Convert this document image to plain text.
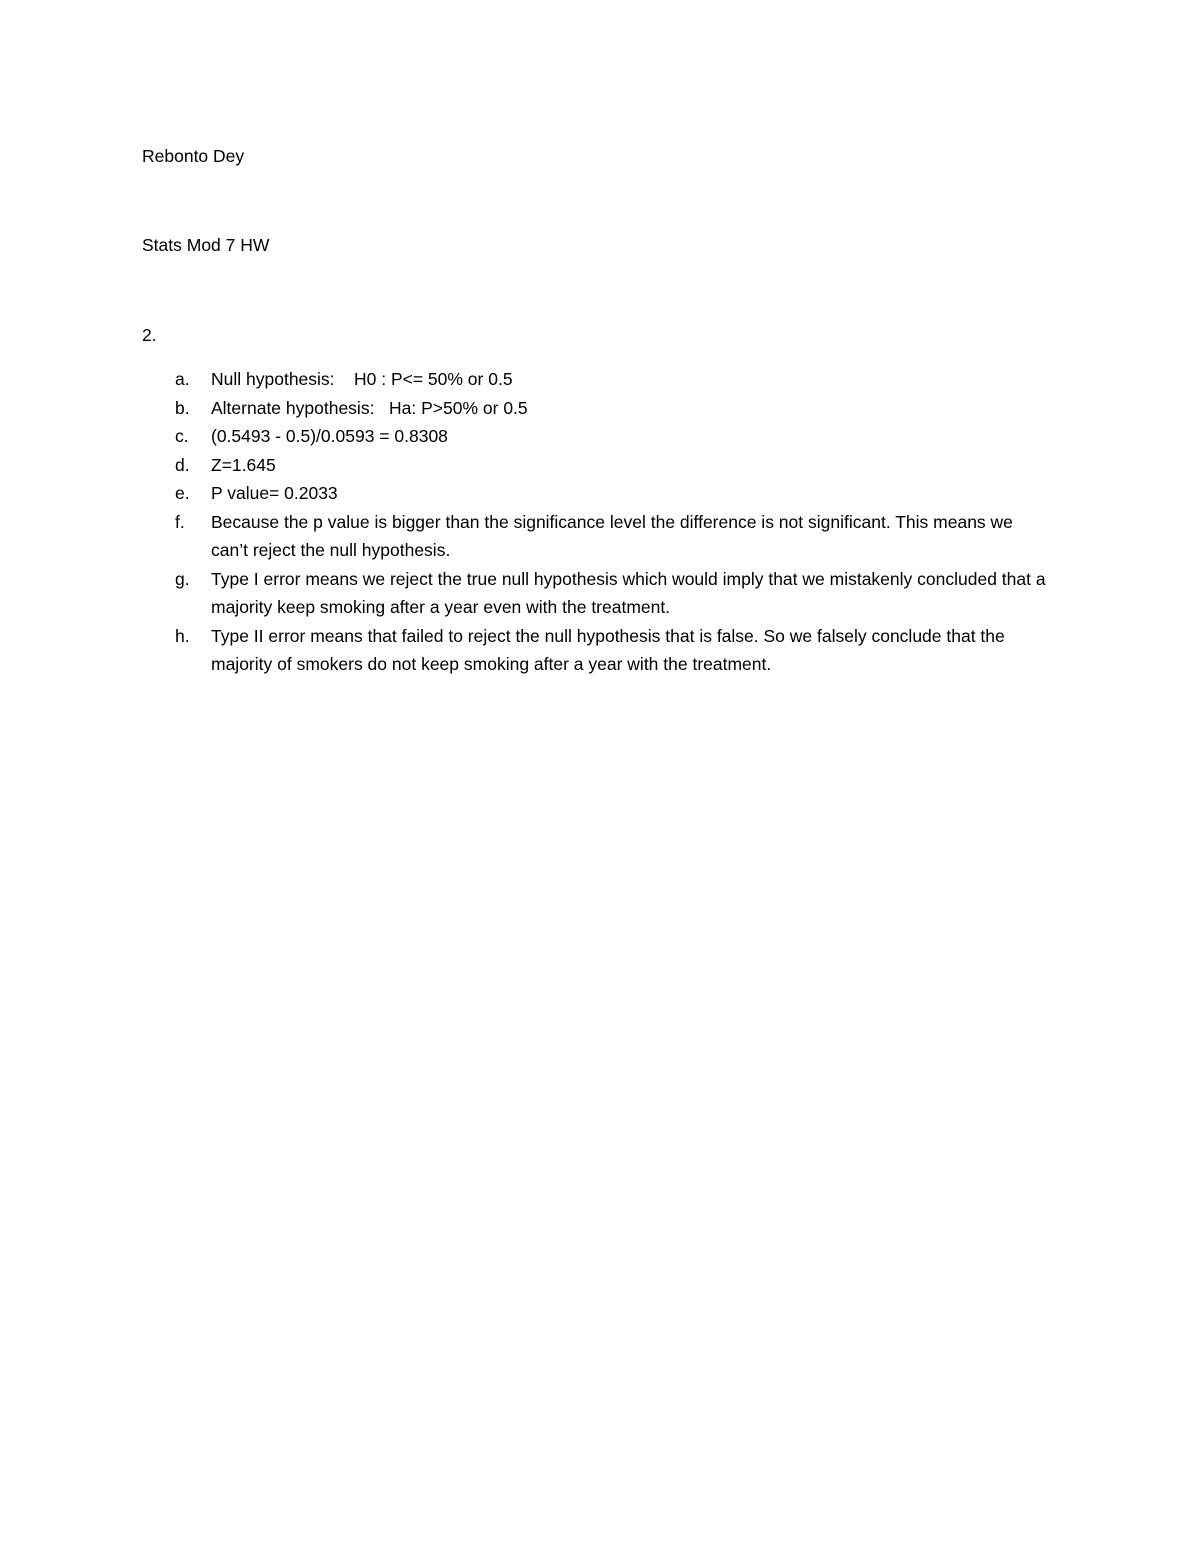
Rebonto Dey
Stats Mod 7 HW
2.
a. Null hypothesis:    H0 : P<= 50% or 0.5
b. Alternate hypothesis:   Ha: P>50% or 0.5
c. (0.5493 - 0.5)/0.0593 = 0.8308
d. Z=1.645
e. P value= 0.2033
f. Because the p value is bigger than the significance level the difference is not significant. This means we can’t reject the null hypothesis.
g. Type I error means we reject the true null hypothesis which would imply that we mistakenly concluded that a majority keep smoking after a year even with the treatment.
h. Type II error means that failed to reject the null hypothesis that is false. So we falsely conclude that the majority of smokers do not keep smoking after a year with the treatment.
